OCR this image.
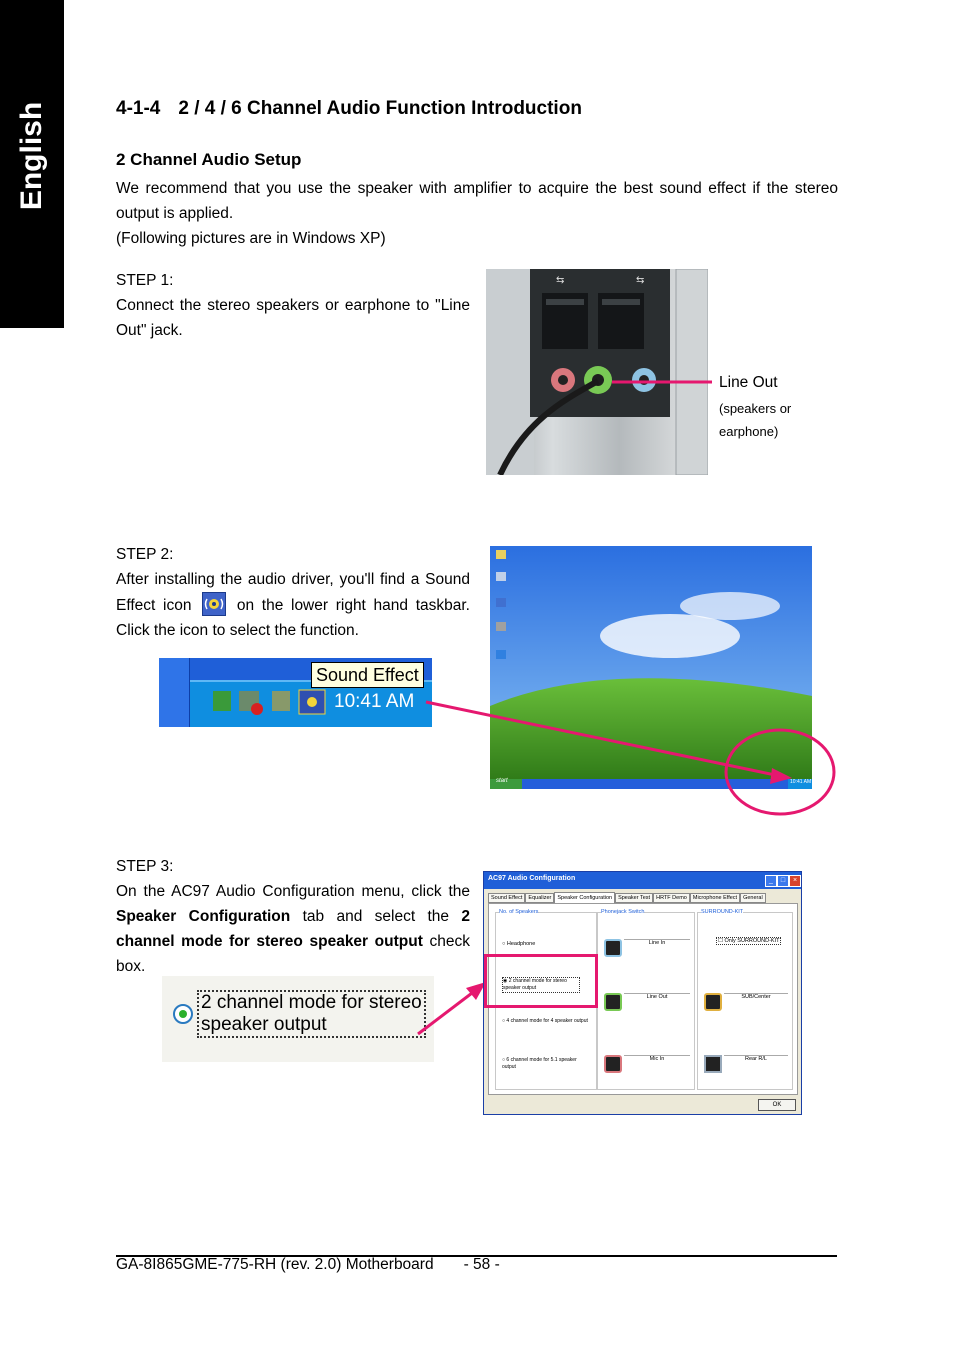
English	4-1-4 2 / 4 / 6 Channel Audio Function Introduction
2 Channel Audio Setup
We recommend that you use the speaker with amplifier to acquire the best sound effect if the stereo
output is applied.
(Following pictures are in Windows XP)
STEP 1:
Connect the stereo speakers or earphone to "Line Out" jack.
⇆	⇆
Line Out
(speakers or
earphone)
STEP 2:
After installing the audio driver, you'll find a Sound Effect icon	on the lower right hand taskbar. Click the icon to select the function.
Sound Effect
10:41 AM
start	10:41 AM
STEP 3:
On the AC97 Audio Configuration menu, click the Speaker Configuration tab and select the 2 channel mode for stereo speaker output check box.
2 channel mode for stereo
speaker output
AC97 Audio Configuration	_	□	×
Sound Effect Equalizer Speaker Configuration Speaker Test HRTF Demo Microphone Effect General
No. of Speakers
○ Headphone
◉ 2 channel mode for stereo speaker output
○ 4 channel mode for 4 speaker output
○ 6 channel mode for 5.1 speaker output
Phonejack Switch
Line In
Line Out
Mic In
SURROUND-KIT
☐ Only SURROUND-KIT
SUB/Center
Rear R/L
OK
GA-8I865GME-775-RH (rev. 2.0) Motherboard - 58 -
